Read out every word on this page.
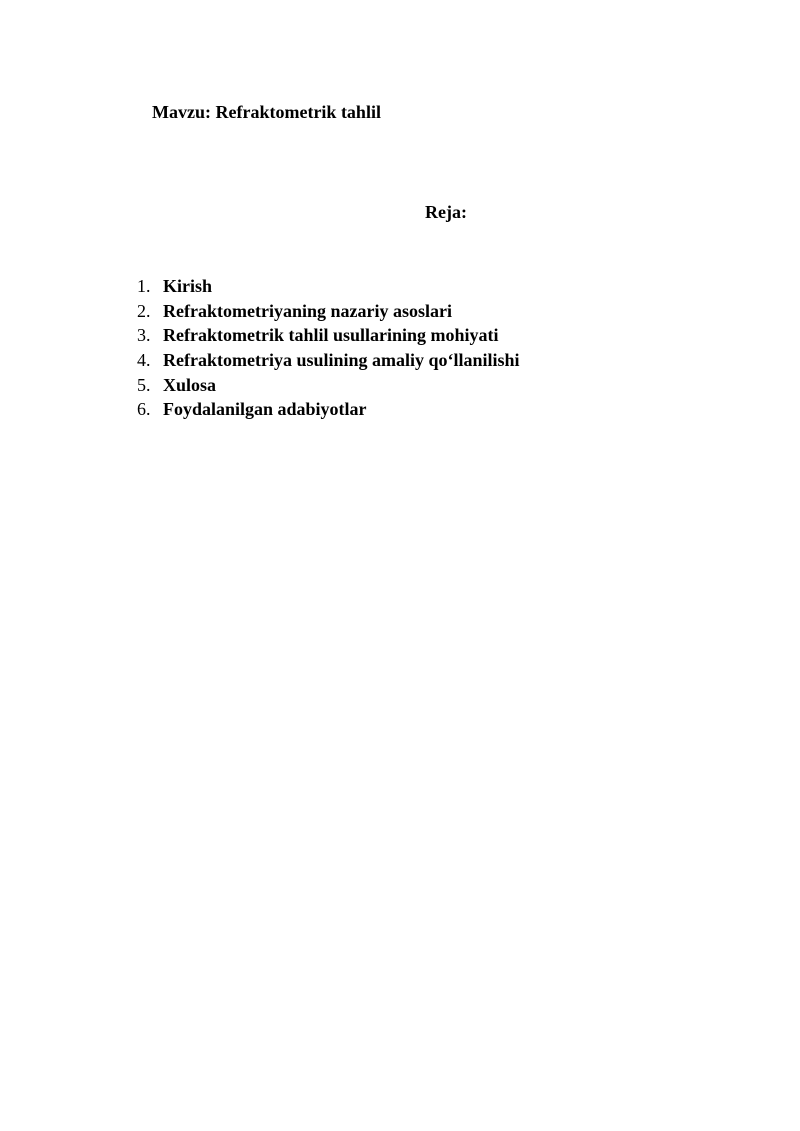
Mavzu: Refraktometrik tahlil
Reja:
1. Kirish
2. Refraktometriyaning nazariy asoslari
3. Refraktometrik tahlil usullarining mohiyati
4. Refraktometriya usulining amaliy qo‘llanilishi
5. Xulosa
6. Foydalanilgan adabiyotlar
